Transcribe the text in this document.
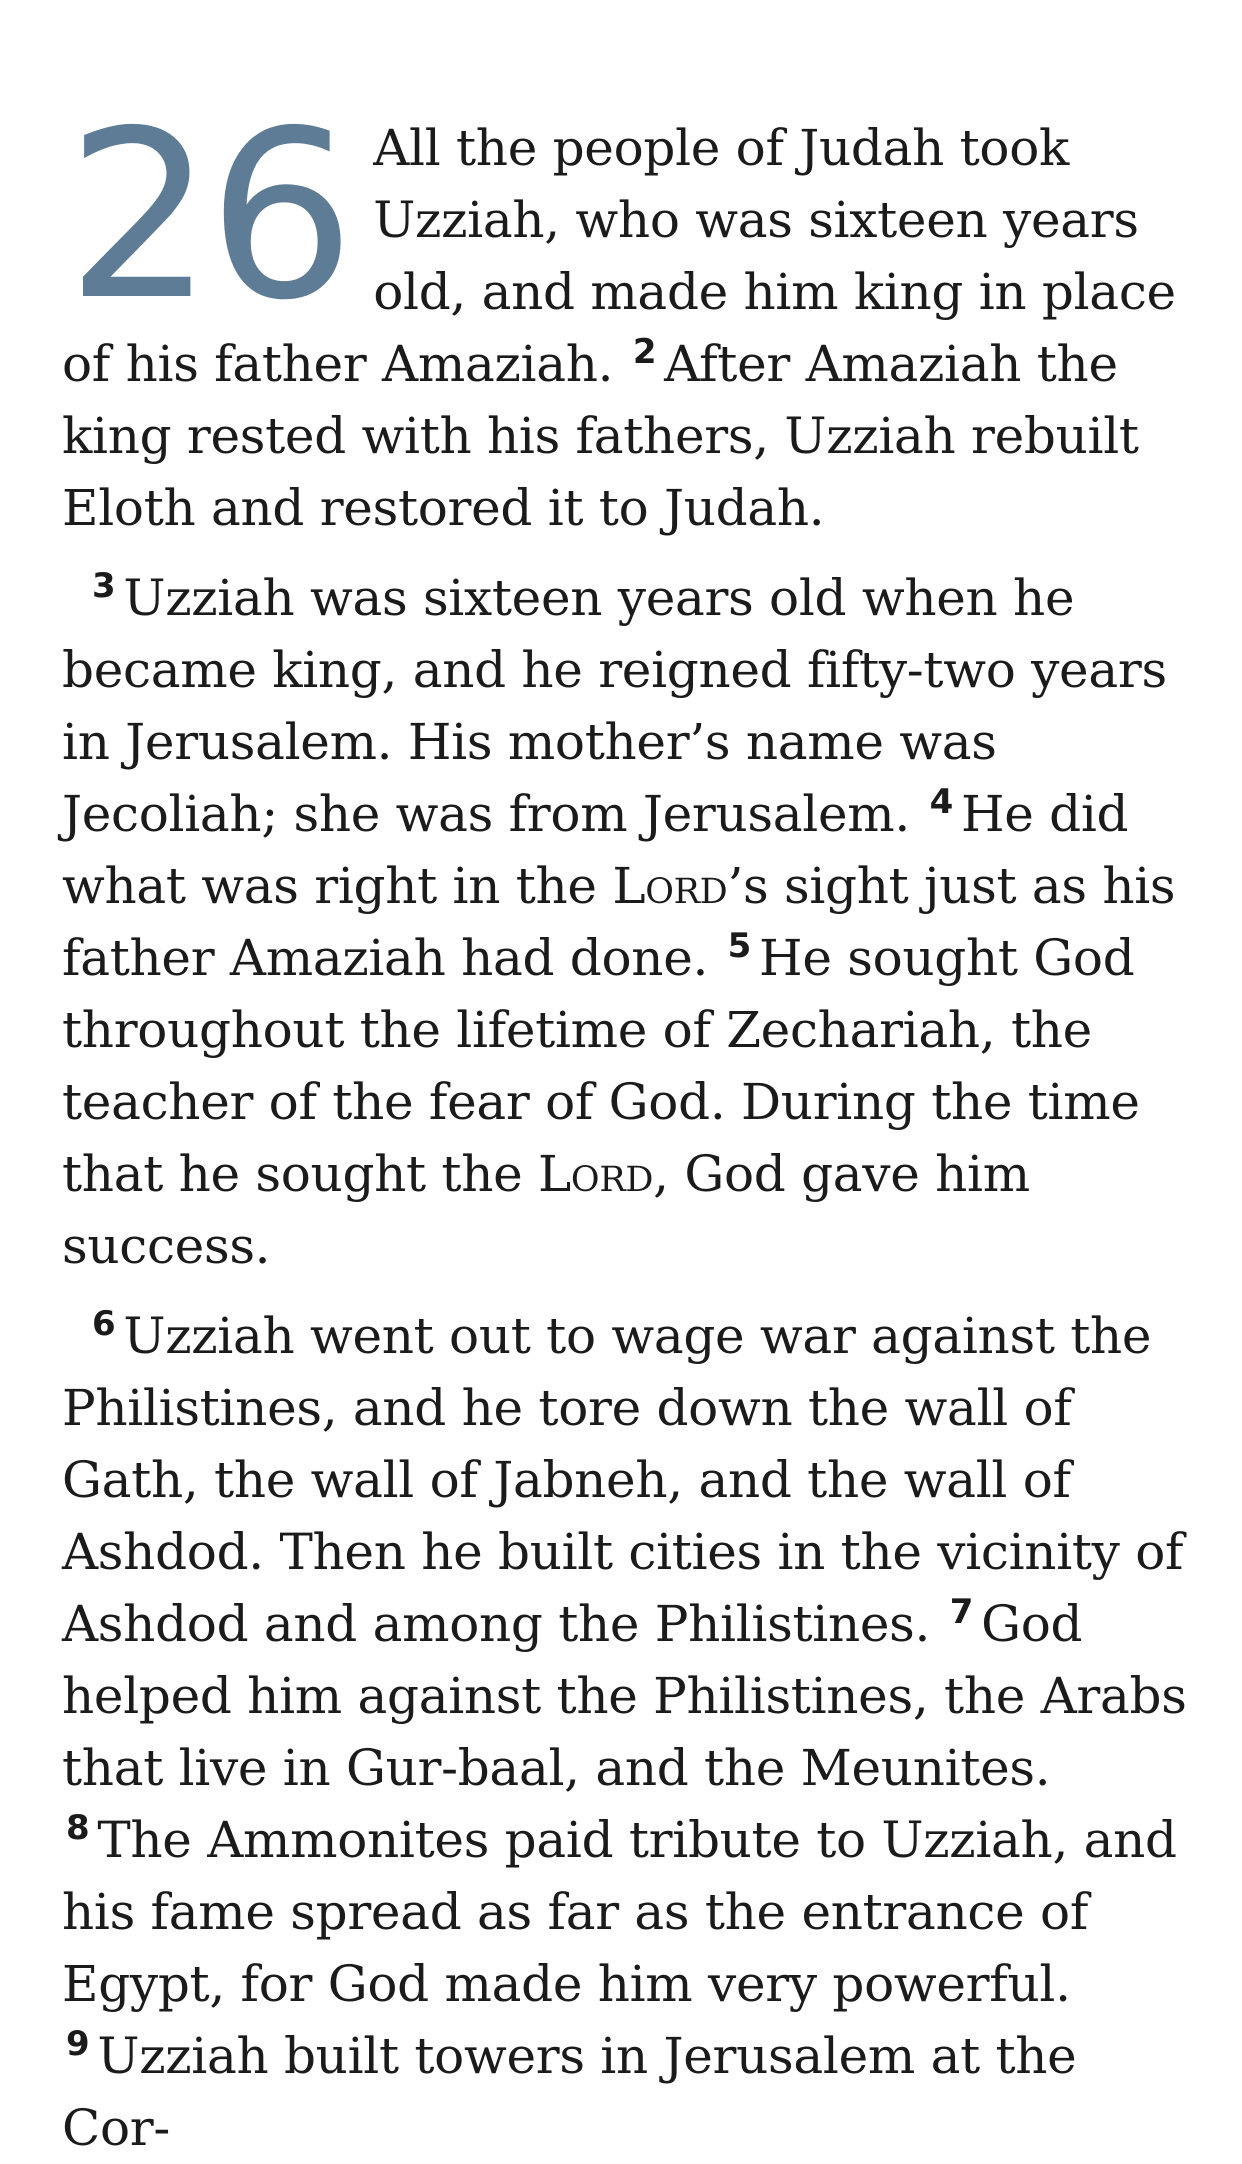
26 All the people of Judah took Uzziah, who was sixteen years old, and made him king in place of his father Amaziah. $^2$ After Amaziah the king rested with his fathers, Uzziah rebuilt Eloth and restored it to Judah.

$^3$ Uzziah was sixteen years old when he became king, and he reigned fifty-two years in Jerusalem. His mother’s name was Jecoliah; she was from Jerusalem. $^4$ He did what was right in the Lord’s sight just as his father Amaziah had done. $^5$ He sought God throughout the lifetime of Zechariah, the teacher of the fear of God. During the time that he sought the Lord, God gave him success.

$^6$ Uzziah went out to wage war against the Philistines, and he tore down the wall of Gath, the wall of Jabneh, and the wall of Ashdod. Then he built cities in the vicinity of Ashdod and among the Philistines. $^7$ God helped him against the Philistines, the Arabs that live in Gur-baal, and the Meunites. $^8$ The Ammonites paid tribute to Uzziah, and his fame spread as far as the entrance of Egypt, for God made him very powerful. $^9$ Uzziah built towers in Jerusalem at the Cor-
